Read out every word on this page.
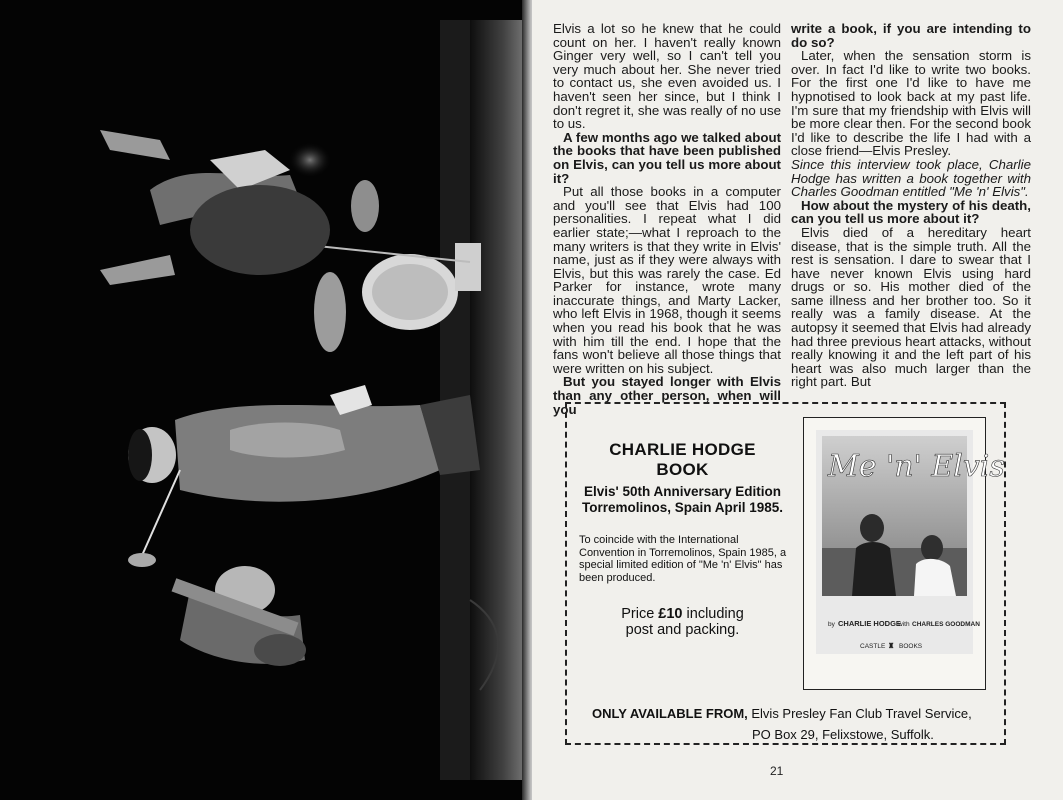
Elvis a lot so he knew that he could count on her. I haven't really known Ginger very well, so I can't tell you very much about her. She never tried to contact us, she even avoided us. I haven't seen her since, but I think I don't regret it, she was really of no use to us.

A few months ago we talked about the books that have been published on Elvis, can you tell us more about it?

Put all those books in a computer and you'll see that Elvis had 100 personalities. I repeat what I did earlier state;—what I reproach to the many writers is that they write in Elvis' name, just as if they were always with Elvis, but this was rarely the case. Ed Parker for instance, wrote many inaccurate things, and Marty Lacker, who left Elvis in 1968, though it seems when you read his book that he was with him till the end. I hope that the fans won't believe all those things that were written on his subject.

But you stayed longer with Elvis than any other person, when will you

write a book, if you are intending to do so?

Later, when the sensation storm is over. In fact I'd like to write two books. For the first one I'd like to have me hypnotised to look back at my past life. I'm sure that my friendship with Elvis will be more clear then. For the second book I'd like to describe the life I had with a close friend—Elvis Presley.

Since this interview took place, Charlie Hodge has written a book together with Charles Goodman entitled "Me 'n' Elvis".

How about the mystery of his death, can you tell us more about it?

Elvis died of a hereditary heart disease, that is the simple truth. All the rest is sensation. I dare to swear that I have never known Elvis using hard drugs or so. His mother died of the same illness and her brother too. So it really was a family disease. At the autopsy it seemed that Elvis had already had three previous heart attacks, without really knowing it and the left part of his heart was also much larger than the right part. But

CHARLIE HODGE
BOOK
Elvis' 50th Anniversary Edition
Torremolinos, Spain April 1985.
To coincide with the International Convention in Torremolinos, Spain 1985, a special limited edition of "Me 'n' Elvis" has been produced.
Price £10 including
post and packing.
Me 'n' Elvis
by CHARLIE HODGE
with CHARLES GOODMAN
CASTLE ♜ BOOKS
ONLY AVAILABLE FROM, Elvis Presley Fan Club Travel Service,
PO Box 29, Felixstowe, Suffolk.
21
